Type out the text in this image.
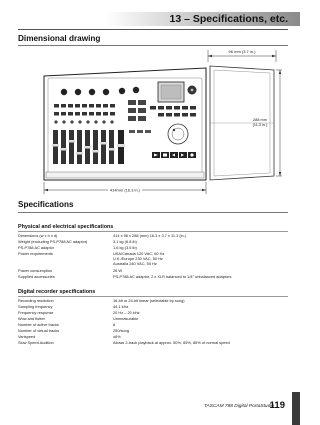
13 – Specifications, etc.
Dimensional drawing
96 mm (3.7 in.)
288 mm
(11.3 in.)
414mm (16.3 in.)
Specifications
Physical and electrical specifications
Dimensions (w x h x d)	414 x 96 x 288 (mm) 16.3 x 3.7 x 11.3 (in.)
Weight (excluding PS-P788 AC adaptor)	3.1 kg (6.8 lb)
PS-P788 AC adaptor	1.6 kg (3.5 lb)
Power requirements	USA/Canada 120 VAC, 60 Hz
U.K./Europe 230 VAC, 50 Hz
Australia 240 VAC, 50 Hz
Power consumption	26 W
Supplied accessories	PS-P788 AC adaptor, 2 x XLR balanced to 1/4" unbalanced adaptors
Digital recorder specifications
Recording resolution	16-bit or 24-bit linear (selectable by song)
Sampling frequency	44.1 kHz
Frequency response	20 Hz – 20 kHz
Wow and flutter	Unmeasurable
Number of active tracks	8
Number of virtual tracks	250/song
Varispeed	±6%
Slow Speed Audition	Allows 2-track playback at approx. 50%, 65%, 85% of normal speed
TASCAM 788 Digital PortaStudio
119
